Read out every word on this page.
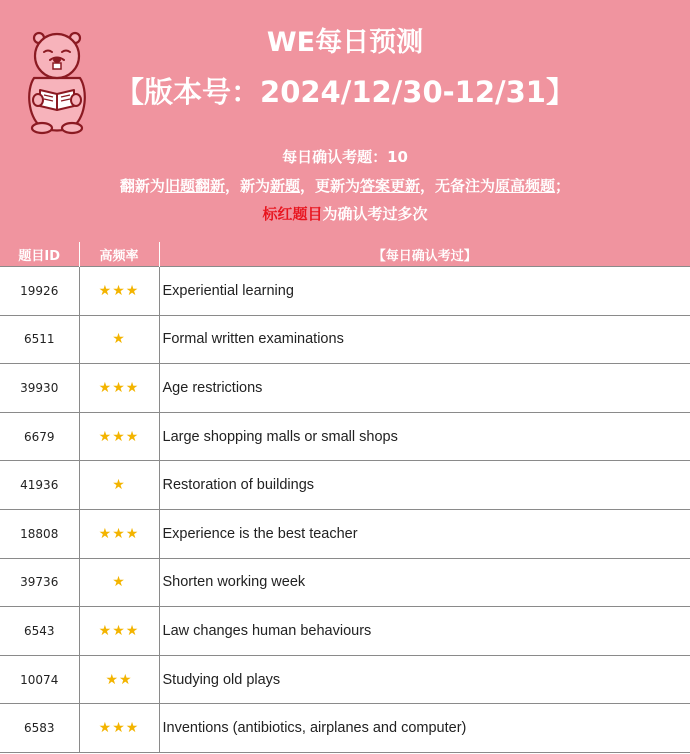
WE每日预测
【版本号：2024/12/30-12/31】
每日确认考题：10
翻新为旧题翻新，新为新题，更新为答案更新，无备注为原高频题；
标红题目为确认考过多次
题目ID	高频率	【每日确认考过】
19926	★★★	Experiential learning
6511	★	Formal written examinations
39930	★★★	Age restrictions
6679	★★★	Large shopping malls or small shops
41936	★	Restoration of buildings
18808	★★★	Experience is the best teacher
39736	★	Shorten working week
6543	★★★	Law changes human behaviours
10074	★★	Studying old plays
6583	★★★	Inventions (antibiotics, airplanes and computer)
